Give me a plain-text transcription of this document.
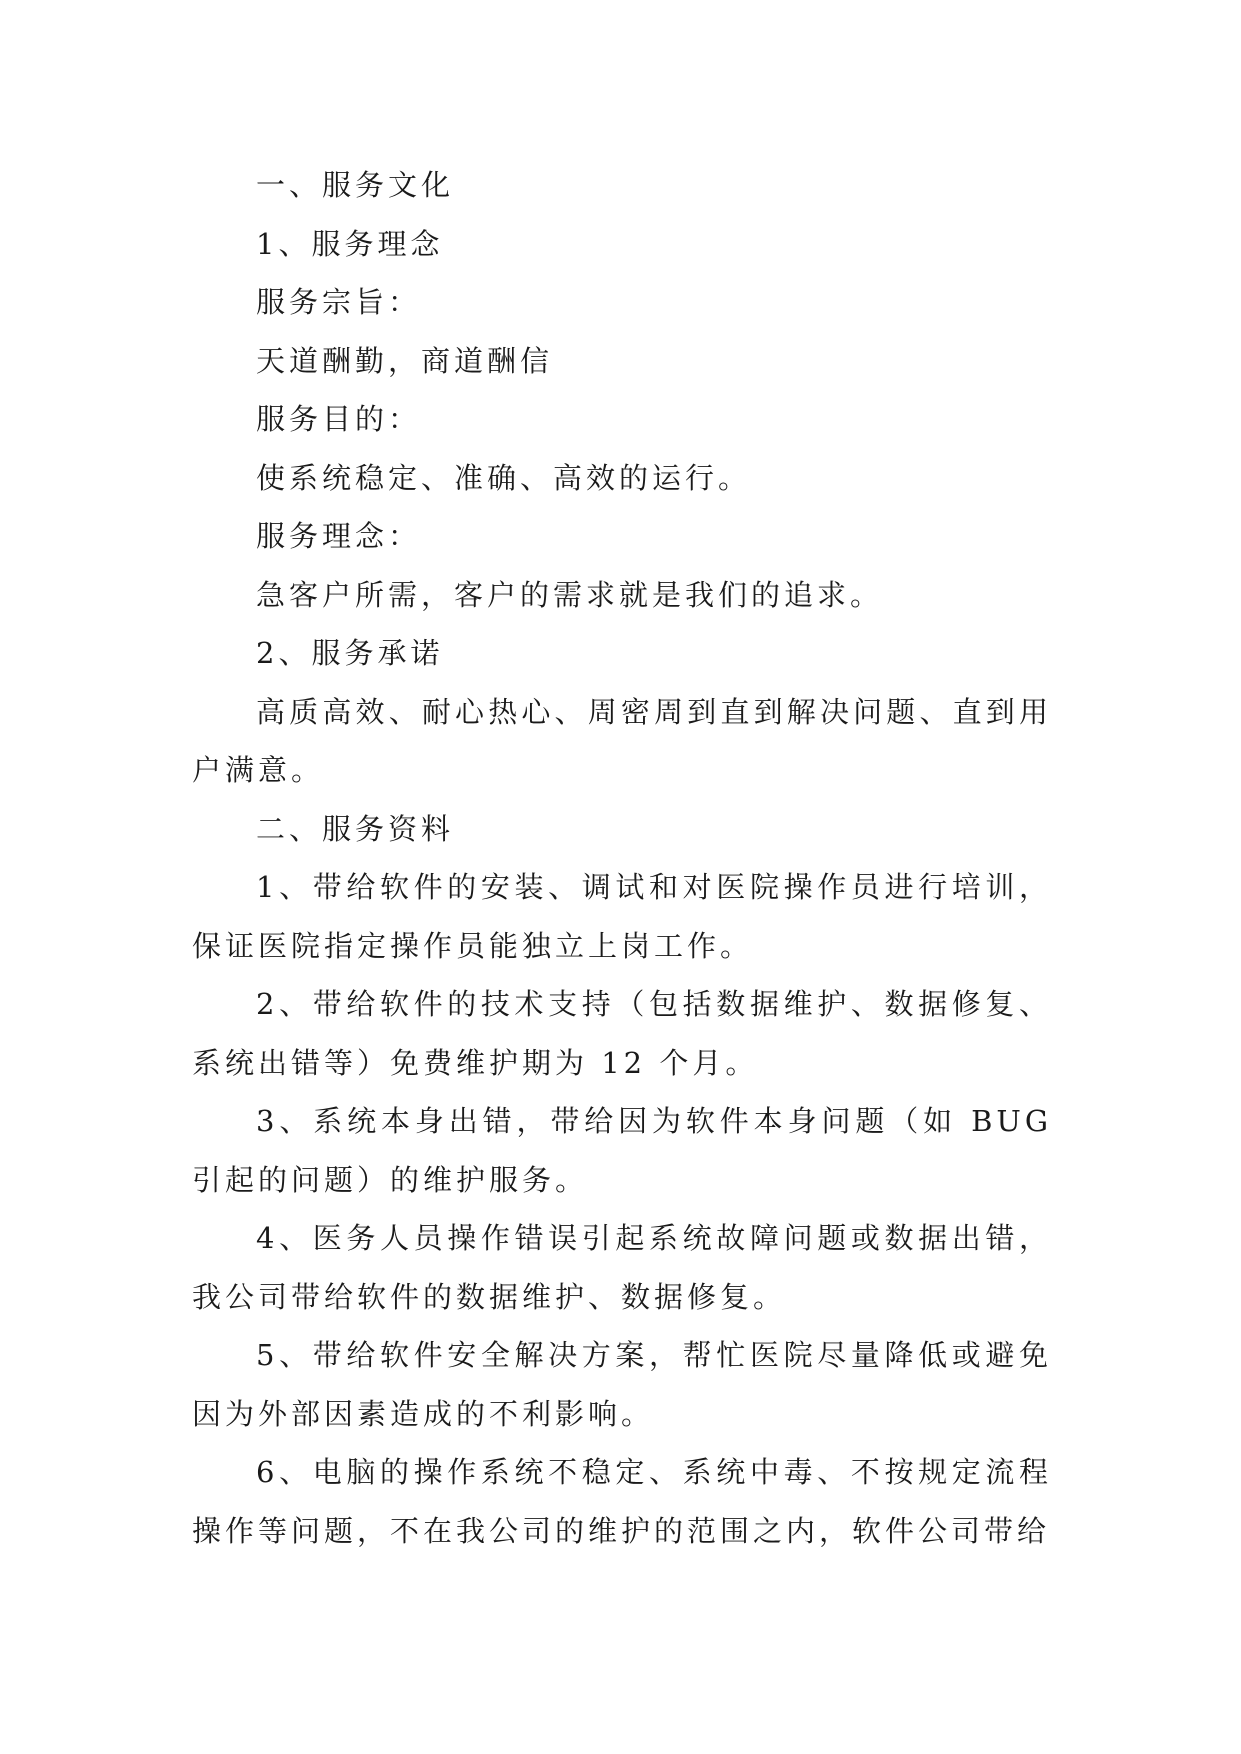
一、服务文化

1、服务理念

服务宗旨：

天道酬勤，商道酬信

服务目的：

使系统稳定、准确、高效的运行。

服务理念：

急客户所需，客户的需求就是我们的追求。

2、服务承诺

高质高效、耐心热心、周密周到直到解决问题、直到用户满意。

二、服务资料

1、带给软件的安装、调试和对医院操作员进行培训，保证医院指定操作员能独立上岗工作。

2、带给软件的技术支持（包括数据维护、数据修复、系统出错等）免费维护期为 12 个月。

3、系统本身出错，带给因为软件本身问题（如 BUG 引起的问题）的维护服务。

4、医务人员操作错误引起系统故障问题或数据出错，我公司带给软件的数据维护、数据修复。

5、带给软件安全解决方案，帮忙医院尽量降低或避免因为外部因素造成的不利影响。

6、电脑的操作系统不稳定、系统中毒、不按规定流程操作等问题，不在我公司的维护的范围之内，软件公司带给
